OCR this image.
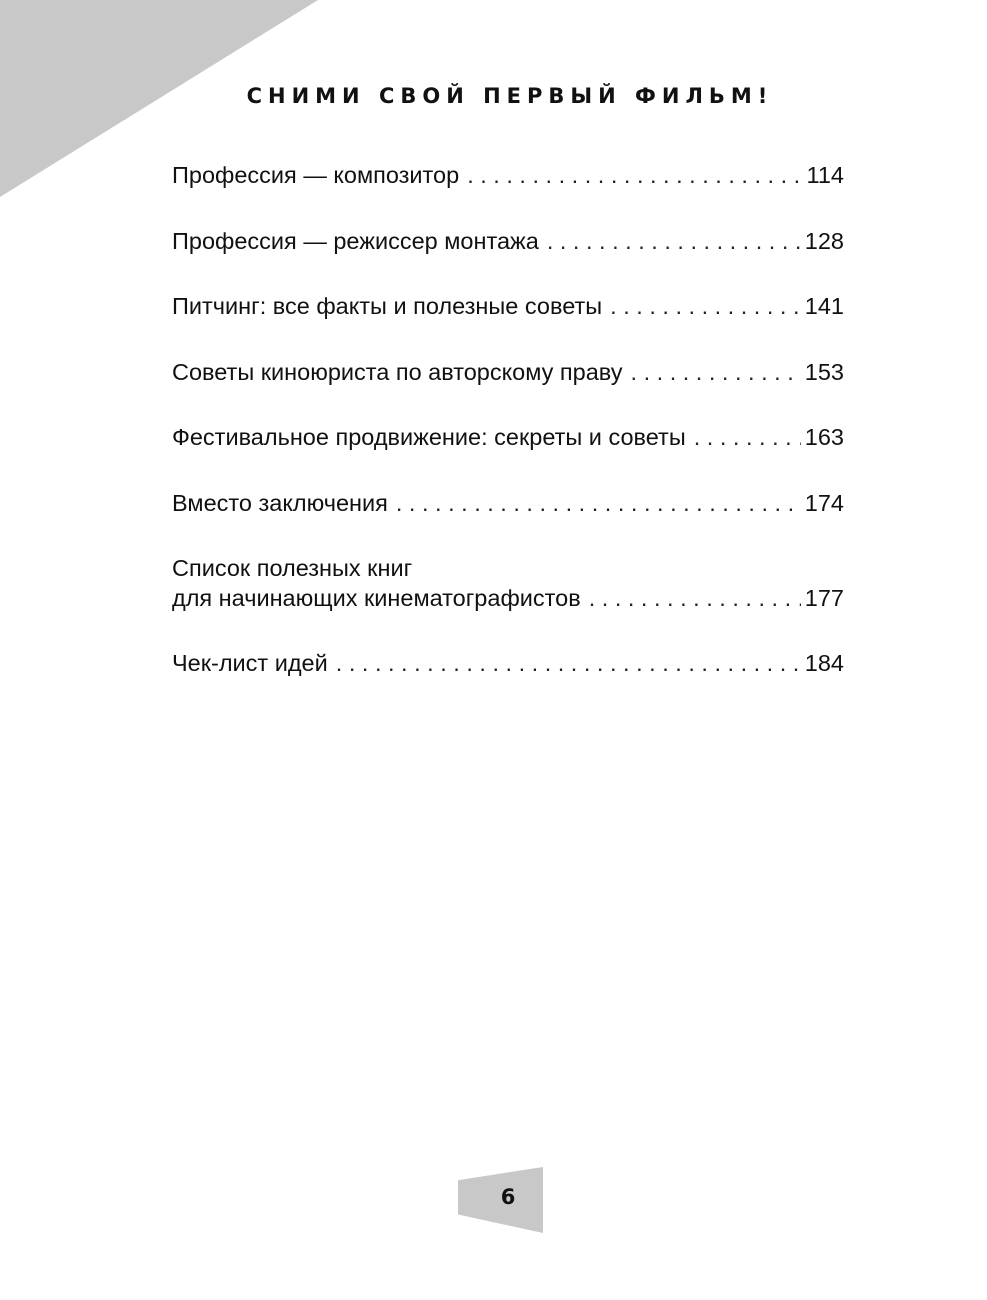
СНИМИ СВОЙ ПЕРВЫЙ ФИЛЬМ!
Профессия — композитор . . .	114
Профессия — режиссер монтажа . . .	128
Питчинг: все факты и полезные советы . . .	141
Советы киноюриста по авторскому праву . . .	153
Фестивальное продвижение: секреты и советы . . .	163
Вместо заключения . . .	174
Список полезных книг
для начинающих кинематографистов . . .	177
Чек-лист идей . . .	184
6
